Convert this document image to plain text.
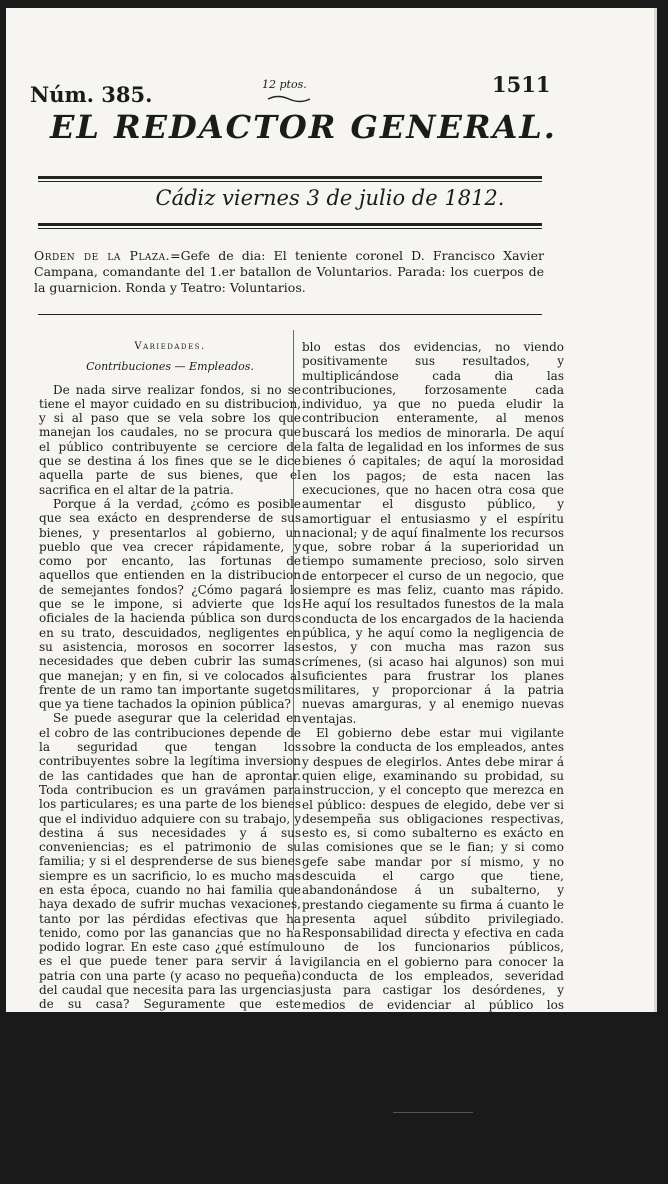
Núm. 385.	12 ptos.	1511
EL REDACTOR GENERAL.
Cádiz viernes 3 de julio de 1812.
Orden de la Plaza.=Gefe de dia: El teniente coronel D. Francisco Xavier Campana, comandante del 1.er batallon de Voluntarios. Parada: los cuerpos de la guarnicion. Ronda y Teatro: Voluntarios.
Variedades.
Contribuciones — Empleados.

De nada sirve realizar fondos, si no se tiene el mayor cuidado en su distribucion, y si al paso que se vela sobre los que manejan los caudales, no se procura que el público contribuyente se cerciore de que se destina á los fines que se le dice aquella parte de sus bienes, que el sacrifica en el altar de la patria.

Porque á la verdad, ¿cómo es posible que sea exácto en desprenderse de sus bienes, y presentarlos al gobierno, un pueblo que vea crecer rápidamente, y como por encanto, las fortunas de aquellos que entienden en la distribucion de semejantes fondos? ¿Cómo pagará lo que se le impone, si advierte que los oficiales de la hacienda pública son duros en su trato, descuidados, negligentes en su asistencia, morosos en socorrer las necesidades que deben cubrir las sumas que manejan; y en fin, si ve colocados al frente de un ramo tan importante sugetos que ya tiene tachados la opinion pública?

Se puede asegurar que la celeridad en el cobro de las contribuciones depende de la seguridad que tengan los contribuyentes sobre la legítima inversion de las cantidades que han de aprontar. Toda contribucion es un gravámen para los particulares; es una parte de los bienes que el individuo adquiere con su trabajo, y destina á sus necesidades y á sus conveniencias; es el patrimonio de su familia; y si el desprenderse de sus bienes siempre es un sacrificio, lo es mucho mas en esta época, cuando no hai familia que haya dexado de sufrir muchas vexaciones, tanto por las pérdidas efectivas que ha tenido, como por las ganancias que no ha podido lograr. En este caso ¿qué estímulo es el que puede tener para servir á la patria con una parte (y acaso no pequeña) del caudal que necesita para las urgencias de su casa? Seguramente que este estímulo no puede ser otro que la evidencia de que la necesidad de la patria, y el interes general, en que se comprehende el particular de cada individuo, exigen los mayores sacrificios; y la evidencia tambien de que estos fondos no se destinan á enriquecer individuos, sino á libertar la patria. No teniendo el pue-

blo estas dos evidencias, no viendo positivamente sus resultados, y multiplicándose cada dia las contribuciones, forzosamente cada individuo, ya que no pueda eludir la contribucion enteramente, al menos buscará los medios de minorarla. De aquí la falta de legalidad en los informes de sus bienes ó capitales; de aquí la morosidad en los pagos; de esta nacen las execuciones, que no hacen otra cosa que aumentar el disgusto público, y amortiguar el entusiasmo y el espíritu nacional; y de aquí finalmente los recursos que, sobre robar á la superioridad un tiempo sumamente precioso, solo sirven de entorpecer el curso de un negocio, que siempre es mas feliz, cuanto mas rápido. He aquí los resultados funestos de la mala conducta de los encargados de la hacienda pública, y he aquí como la negligencia de estos, y con mucha mas razon sus crímenes, (si acaso hai algunos) son mui suficientes para frustrar los planes militares, y proporcionar á la patria nuevas amarguras, y al enemigo nuevas ventajas.

El gobierno debe estar mui vigilante sobre la conducta de los empleados, antes y despues de elegirlos. Antes debe mirar á quien elige, examinando su probidad, su instruccion, y el concepto que merezca en el público: despues de elegido, debe ver si desempeña sus obligaciones respectivas, esto es, si como subalterno es exácto en las comisiones que se le fian; y si como gefe sabe mandar por sí mismo, y no descuida el cargo que tiene, abandonándose á un subalterno, y prestando ciegamente su firma á cuanto le presenta aquel súbdito privilegiado. Responsabilidad directa y efectiva en cada uno de los funcionarios públicos, vigilancia en el gobierno para conocer la conducta de los empleados, severidad justa para castigar los desórdenes, y medios de evidenciar al público los resultados de sus sacrificios: he aquí el verdadero método de realizar las contribuciones, y he aquí la magia que hará desaparecer las dificultades, y sabrá producir los caudales necesarios. (Correo de la Coruña.)

Impresos.

Gaceta de la Regencia del 2.— El gobierno británico, en virtud de nota pasada por el em-
